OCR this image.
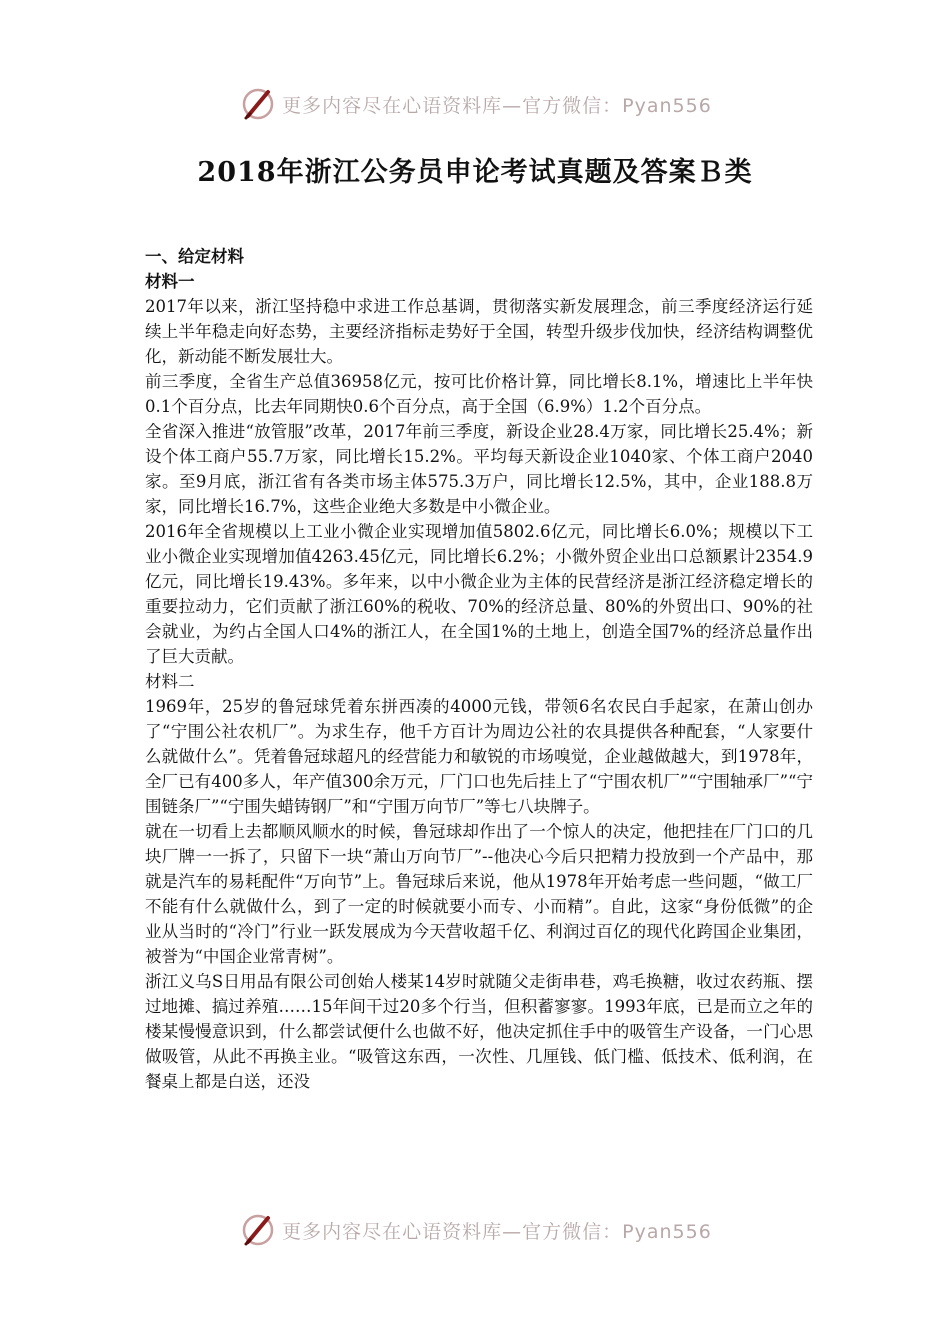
更多内容尽在心语资料库—官方微信：Pyan556
2018年浙江公务员申论考试真题及答案Ｂ类

一、给定材料

材料一

2017年以来，浙江坚持稳中求进工作总基调，贯彻落实新发展理念，前三季度经济运行延续上半年稳走向好态势，主要经济指标走势好于全国，转型升级步伐加快，经济结构调整优化，新动能不断发展壮大。

前三季度，全省生产总值36958亿元，按可比价格计算，同比增长8.1%，增速比上半年快0.1个百分点，比去年同期快0.6个百分点，高于全国（6.9%）1.2个百分点。

全省深入推进“放管服”改革，2017年前三季度，新设企业28.4万家，同比增长25.4%；新设个体工商户55.7万家，同比增长15.2%。平均每天新设企业1040家、个体工商户2040家。至9月底，浙江省有各类市场主体575.3万户，同比增长12.5%，其中，企业188.8万家，同比增长16.7%，这些企业绝大多数是中小微企业。

2016年全省规模以上工业小微企业实现增加值5802.6亿元，同比增长6.0%；规模以下工业小微企业实现增加值4263.45亿元，同比增长6.2%；小微外贸企业出口总额累计2354.9亿元，同比增长19.43%。多年来，以中小微企业为主体的民营经济是浙江经济稳定增长的重要拉动力，它们贡献了浙江60%的税收、70%的经济总量、80%的外贸出口、90%的社会就业，为约占全国人口4%的浙江人，在全国1%的土地上，创造全国7%的经济总量作出了巨大贡献。

材料二

1969年，25岁的鲁冠球凭着东拼西凑的4000元钱，带领6名农民白手起家，在萧山创办了“宁围公社农机厂”。为求生存，他千方百计为周边公社的农具提供各种配套，“人家要什么就做什么”。凭着鲁冠球超凡的经营能力和敏锐的市场嗅觉，企业越做越大，到1978年，全厂已有400多人，年产值300余万元，厂门口也先后挂上了“宁围农机厂”“宁围轴承厂”“宁围链条厂”“宁围失蜡铸钢厂”和“宁围万向节厂”等七八块牌子。

就在一切看上去都顺风顺水的时候，鲁冠球却作出了一个惊人的决定，他把挂在厂门口的几块厂牌一一拆了，只留下一块“萧山万向节厂”--他决心今后只把精力投放到一个产品中，那就是汽车的易耗配件“万向节”上。鲁冠球后来说，他从1978年开始考虑一些问题，“做工厂不能有什么就做什么，到了一定的时候就要小而专、小而精”。自此，这家“身份低微”的企业从当时的“冷门”行业一跃发展成为今天营收超千亿、利润过百亿的现代化跨国企业集团，被誉为“中国企业常青树”。

浙江义乌S日用品有限公司创始人楼某14岁时就随父走街串巷，鸡毛换糖，收过农药瓶、摆过地摊、搞过养殖……15年间干过20多个行当，但积蓄寥寥。1993年底，已是而立之年的楼某慢慢意识到，什么都尝试便什么也做不好，他决定抓住手中的吸管生产设备，一门心思做吸管，从此不再换主业。“吸管这东西，一次性、几厘钱、低门槛、低技术、低利润，在餐桌上都是白送，还没

更多内容尽在心语资料库—官方微信：Pyan556
